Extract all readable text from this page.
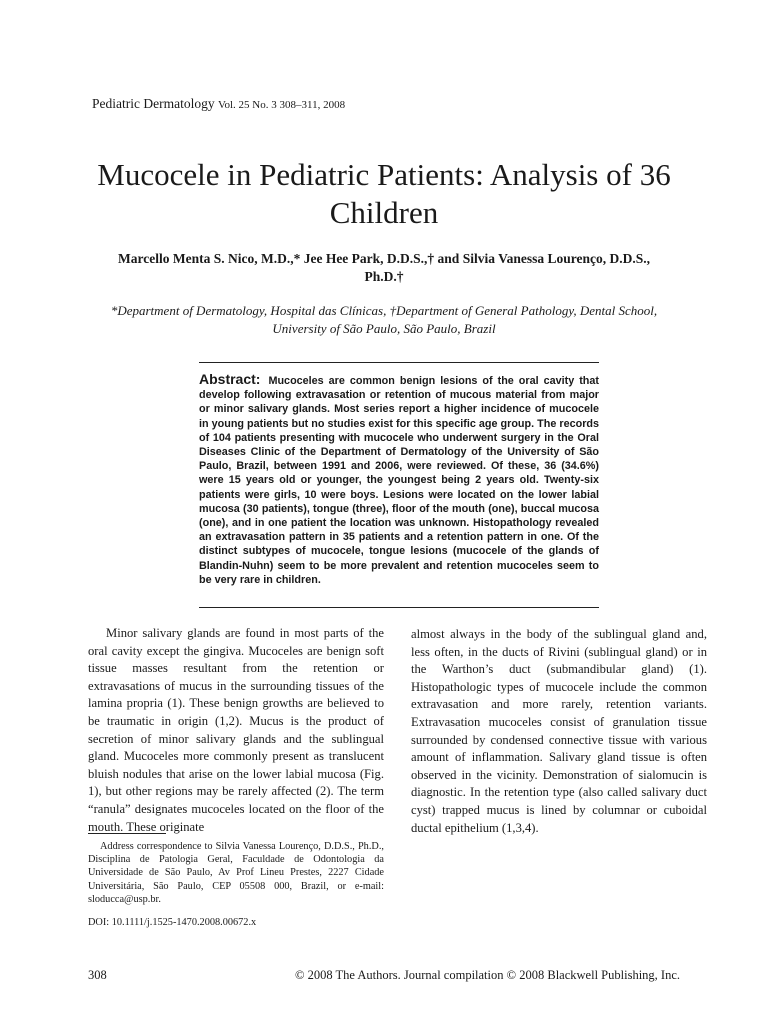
Pediatric Dermatology Vol. 25 No. 3 308–311, 2008
Mucocele in Pediatric Patients: Analysis of 36 Children
Marcello Menta S. Nico, M.D.,* Jee Hee Park, D.D.S.,† and Silvia Vanessa Lourenço, D.D.S., Ph.D.†
*Department of Dermatology, Hospital das Clínicas, †Department of General Pathology, Dental School, University of São Paulo, São Paulo, Brazil
Abstract: Mucoceles are common benign lesions of the oral cavity that develop following extravasation or retention of mucous material from major or minor salivary glands. Most series report a higher incidence of mucocele in young patients but no studies exist for this specific age group. The records of 104 patients presenting with mucocele who underwent surgery in the Oral Diseases Clinic of the Department of Dermatology of the University of São Paulo, Brazil, between 1991 and 2006, were reviewed. Of these, 36 (34.6%) were 15 years old or younger, the youngest being 2 years old. Twenty-six patients were girls, 10 were boys. Lesions were located on the lower labial mucosa (30 patients), tongue (three), floor of the mouth (one), buccal mucosa (one), and in one patient the location was unknown. Histopathology revealed an extravasation pattern in 35 patients and a retention pattern in one. Of the distinct subtypes of mucocele, tongue lesions (mucocele of the glands of Blandin-Nuhn) seem to be more prevalent and retention mucoceles seem to be very rare in children.

Minor salivary glands are found in most parts of the oral cavity except the gingiva. Mucoceles are benign soft tissue masses resultant from the retention or extravasations of mucus in the surrounding tissues of the lamina propria (1). These benign growths are believed to be traumatic in origin (1,2). Mucus is the product of secretion of minor salivary glands and the sublingual gland. Mucoceles more commonly present as translucent bluish nodules that arise on the lower labial mucosa (Fig. 1), but other regions may be rarely affected (2). The term “ranula” designates mucoceles located on the floor of the mouth. These originate

almost always in the body of the sublingual gland and, less often, in the ducts of Rivini (sublingual gland) or in the Warthon’s duct (submandibular gland) (1). Histopathologic types of mucocele include the common extravasation and more rarely, retention variants. Extravasation mucoceles consist of granulation tissue surrounded by condensed connective tissue with various amount of inflammation. Salivary gland tissue is often observed in the vicinity. Demonstration of sialomucin is diagnostic. In the retention type (also called salivary duct cyst) trapped mucus is lined by columnar or cuboidal ductal epithelium (1,3,4).

Address correspondence to Silvia Vanessa Lourenço, D.D.S., Ph.D., Disciplina de Patologia Geral, Faculdade de Odontologia da Universidade de São Paulo, Av Prof Lineu Prestes, 2227 Cidade Universitária, São Paulo, CEP 05508 000, Brazil, or e-mail: sloducca@usp.br.

DOI: 10.1111/j.1525-1470.2008.00672.x
308	© 2008 The Authors. Journal compilation © 2008 Blackwell Publishing, Inc.
